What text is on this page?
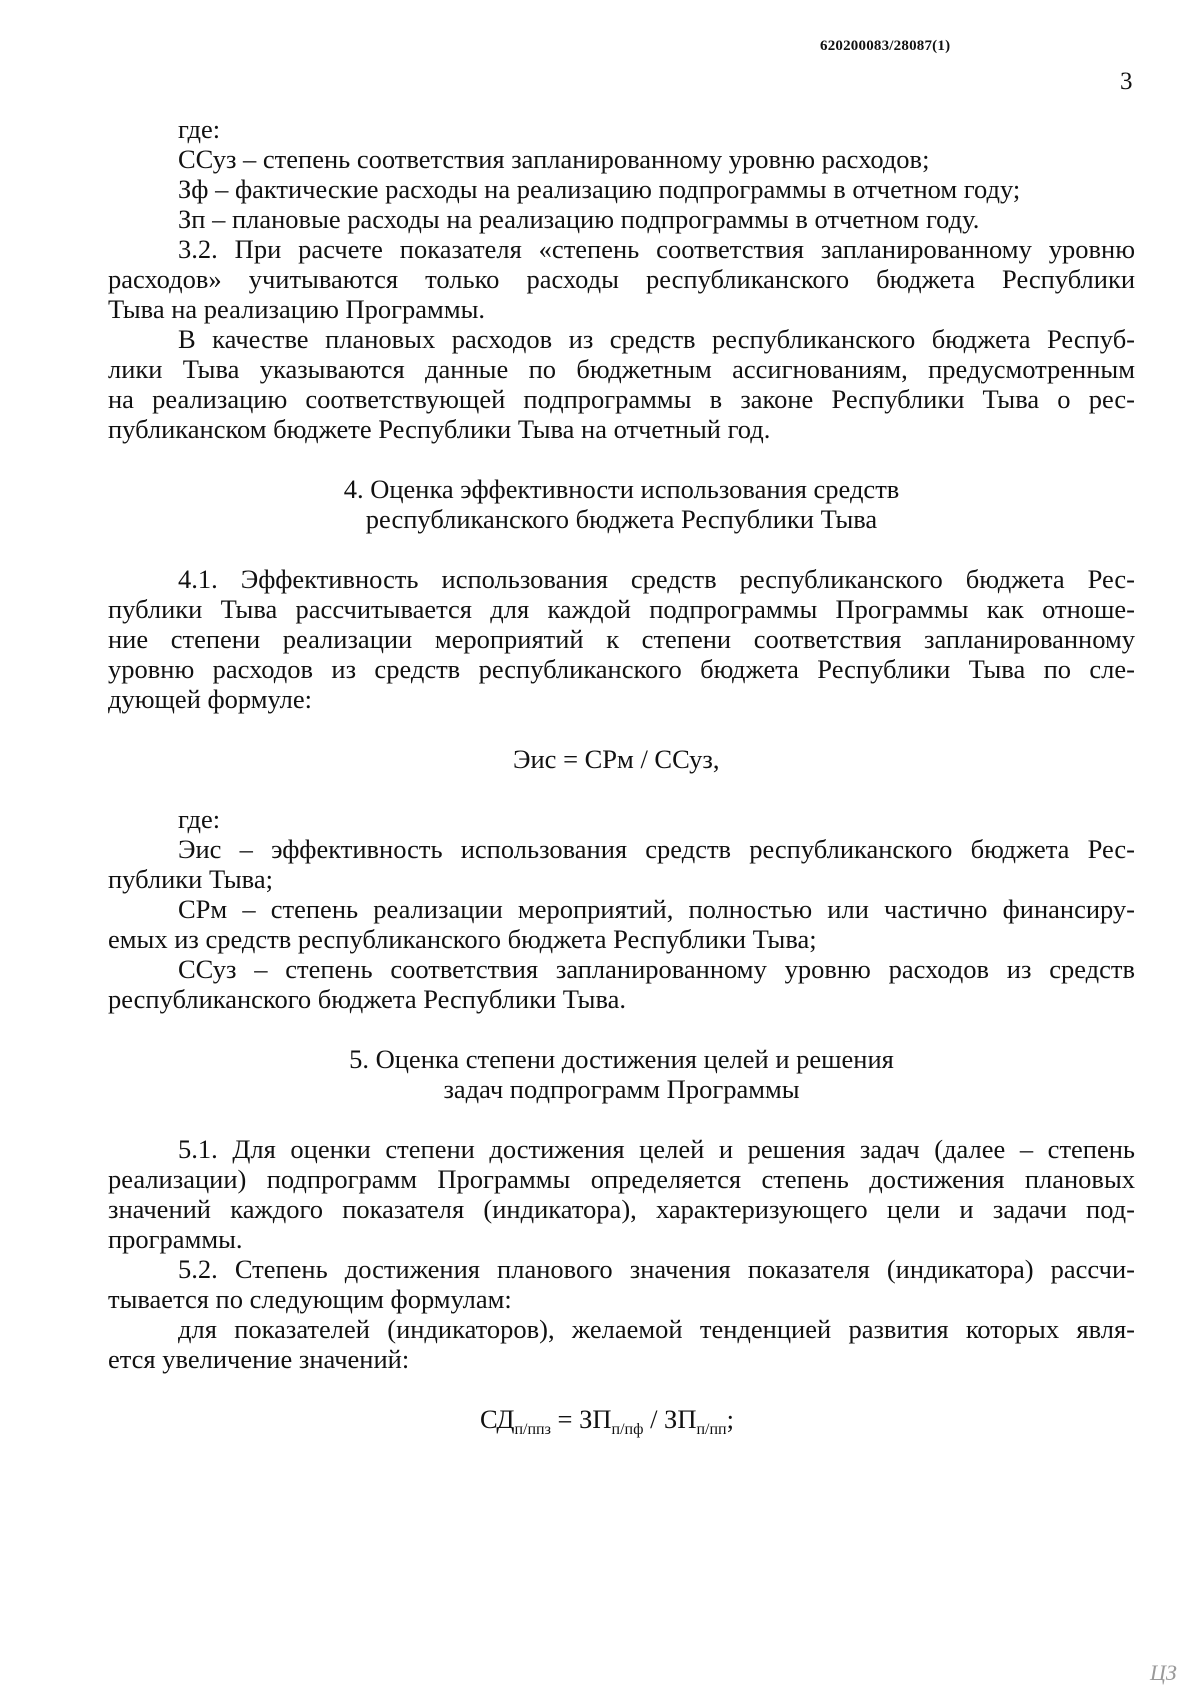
620200083/28087(1)
3
где:
ССуз – степень соответствия запланированному уровню расходов;
Зф – фактические расходы на реализацию подпрограммы в отчетном году;
Зп – плановые расходы на реализацию подпрограммы в отчетном году.
3.2. При расчете показателя «степень соответствия запланированному уровню
расходов» учитываются только расходы республиканского бюджета Республики
Тыва на реализацию Программы.
В качестве плановых расходов из средств республиканского бюджета Респуб-
лики Тыва указываются данные по бюджетным ассигнованиям, предусмотренным
на реализацию соответствующей подпрограммы в законе Республики Тыва о рес-
публиканском бюджете Республики Тыва на отчетный год.
4. Оценка эффективности использования средств
республиканского бюджета Республики Тыва
4.1. Эффективность использования средств республиканского бюджета Рес-
публики Тыва рассчитывается для каждой подпрограммы Программы как отноше-
ние степени реализации мероприятий к степени соответствия запланированному
уровню расходов из средств республиканского бюджета Республики Тыва по сле-
дующей формуле:
Эис = СРм / ССуз,
где:
Эис – эффективность использования средств республиканского бюджета Рес-
публики Тыва;
СРм – степень реализации мероприятий, полностью или частично финансиру-
емых из средств республиканского бюджета Республики Тыва;
ССуз – степень соответствия запланированному уровню расходов из средств
республиканского бюджета Республики Тыва.
5. Оценка степени достижения целей и решения
задач подпрограмм Программы
5.1. Для оценки степени достижения целей и решения задач (далее – степень
реализации) подпрограмм Программы определяется степень достижения плановых
значений каждого показателя (индикатора), характеризующего цели и задачи под-
программы.
5.2. Степень достижения планового значения показателя (индикатора) рассчи-
тывается по следующим формулам:
для показателей (индикаторов), желаемой тенденцией развития которых явля-
ется увеличение значений:
$СД_{п/ппз} = ЗП_{п/пф} / ЗП_{п/пп}$;
ЦЗ
